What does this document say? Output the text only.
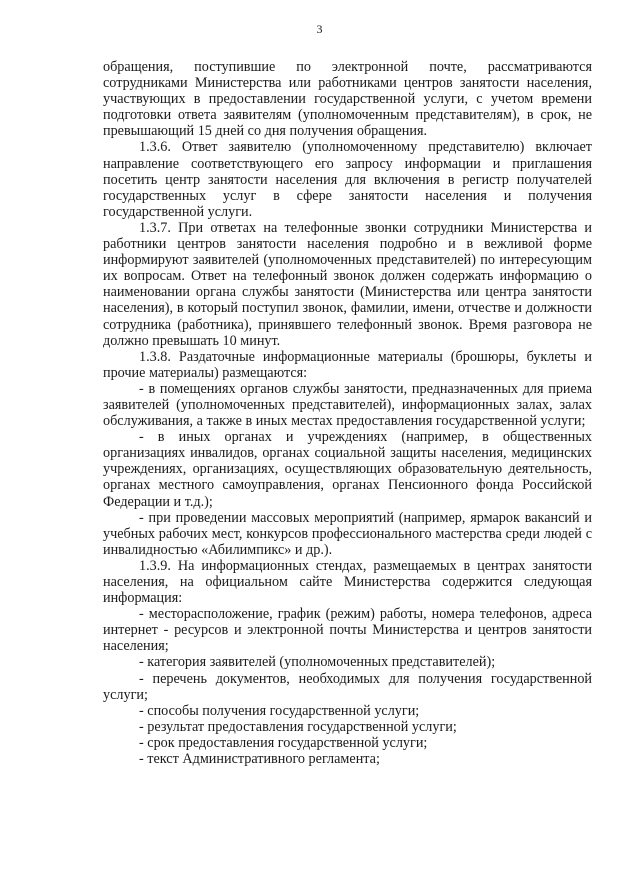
3

обращения, поступившие по электронной почте, рассматриваются сотрудниками Министерства или работниками центров занятости населения, участвующих в предоставлении государственной услуги, с учетом времени подготовки ответа заявителям (уполномоченным представителям), в срок, не превышающий 15 дней со дня получения обращения.

1.3.6. Ответ заявителю (уполномоченному представителю) включает направление соответствующего его запросу информации и приглашения посетить центр занятости населения для включения в регистр получателей государственных услуг в сфере занятости населения и получения государственной услуги.

1.3.7. При ответах на телефонные звонки сотрудники Министерства и работники центров занятости населения подробно и в вежливой форме информируют заявителей (уполномоченных представителей) по интересующим их вопросам. Ответ на телефонный звонок должен содержать информацию о наименовании органа службы занятости (Министерства или центра занятости населения), в который поступил звонок, фамилии, имени, отчестве и должности сотрудника (работника), принявшего телефонный звонок. Время разговора не должно превышать 10 минут.

1.3.8. Раздаточные информационные материалы (брошюры, буклеты и прочие материалы) размещаются:

- в помещениях органов службы занятости, предназначенных для приема заявителей (уполномоченных представителей), информационных залах, залах обслуживания, а также в иных местах предоставления государственной услуги;

- в иных органах и учреждениях (например, в общественных организациях инвалидов, органах социальной защиты населения, медицинских учреждениях, организациях, осуществляющих образовательную деятельность, органах местного самоуправления, органах Пенсионного фонда Российской Федерации и т.д.);

- при проведении массовых мероприятий (например, ярмарок вакансий и учебных рабочих мест, конкурсов профессионального мастерства среди людей с инвалидностью «Абилимпикс» и др.).

1.3.9. На информационных стендах, размещаемых в центрах занятости населения, на официальном сайте Министерства содержится следующая информация:

- месторасположение, график (режим) работы, номера телефонов, адреса интернет - ресурсов и электронной почты Министерства и центров занятости населения;

- категория заявителей (уполномоченных представителей);

- перечень документов, необходимых для получения государственной услуги;

- способы получения государственной услуги;

- результат предоставления государственной услуги;

- срок предоставления государственной услуги;

- текст Административного регламента;
